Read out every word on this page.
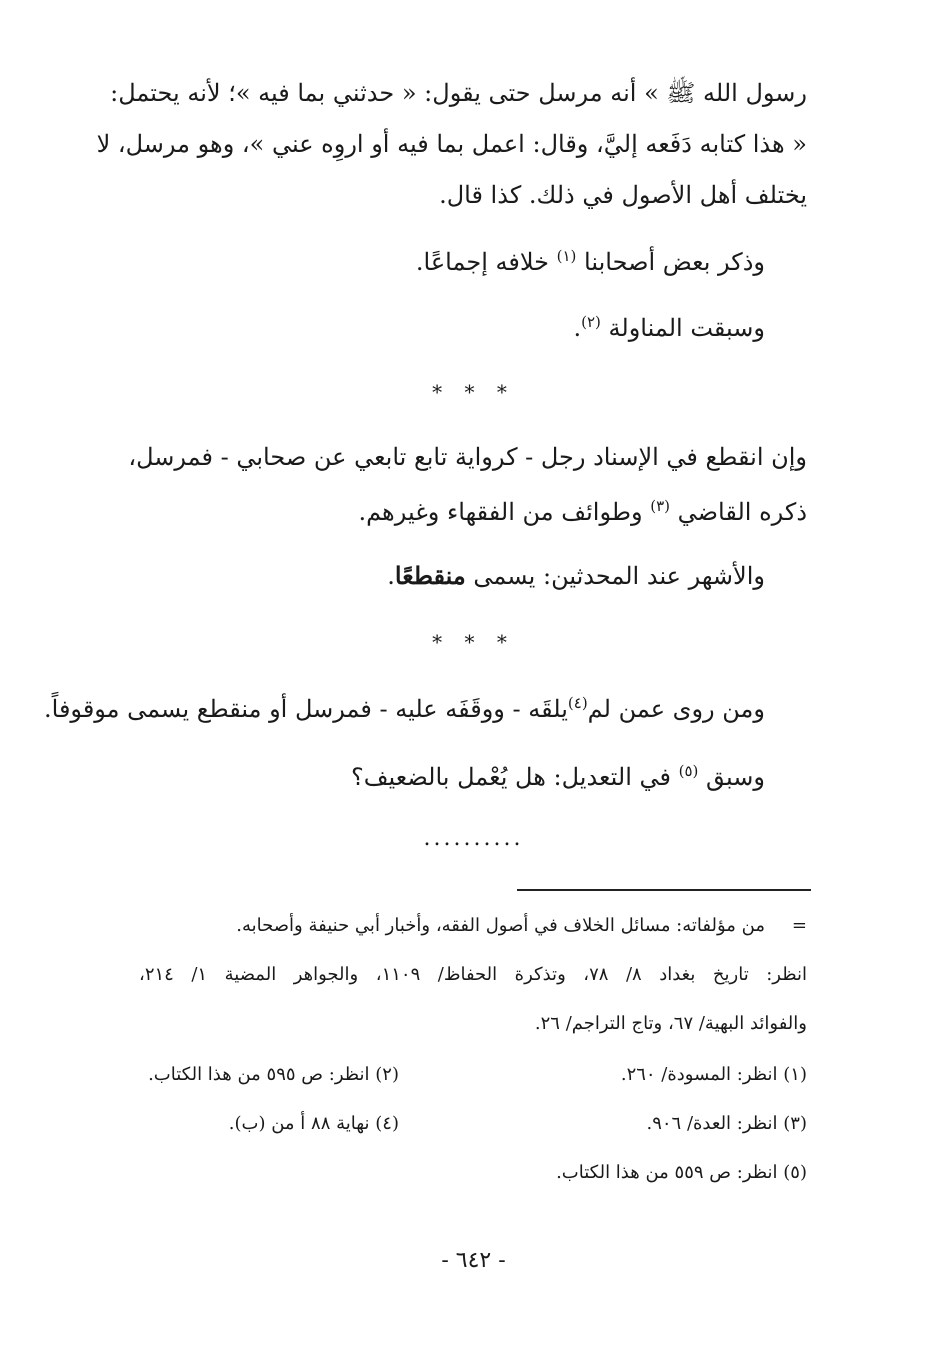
رسول الله ﷺ » أنه مرسل حتى يقول: « حدثني بما فيه »؛ لأنه يحتمل:
« هذا كتابه دَفَعه إليَّ، وقال: اعمل بما فيه أو اروِه عني »، وهو مرسل، لا
يختلف أهل الأصول في ذلك. كذا قال.
وذكر بعض أصحابنا $^{(١)}$ خلافه إجماعًا.
وسبقت المناولة $^{(٢)}$.
* * *
وإن انقطع في الإسناد رجل - كرواية تابع تابعي عن صحابي - فمرسل،
ذكره القاضي $^{(٣)}$ وطوائف من الفقهاء وغيرهم.
والأشهر عند المحدثين: يسمى منقطعًا.
* * *
ومن روى عمن لم$^{(٤)}$يلقَه - ووقَفَه عليه - فمرسل أو منقطع يسمى موقوفاً.
وسبق $^{(٥)}$ في التعديل: هل يُعْمل بالضعيف؟
..........
=
من مؤلفاته: مسائل الخلاف في أصول الفقه، وأخبار أبي حنيفة وأصحابه.
انظر: تاريخ بغداد ٨/ ٧٨، وتذكرة الحفاظ/ ١١٠٩، والجواهر المضية ١/ ٢١٤،
والفوائد البهية/ ٦٧، وتاج التراجم/ ٢٦.
(١) انظر: المسودة/ ٢٦٠.
(٢) انظر: ص ٥٩٥ من هذا الكتاب.
(٣) انظر: العدة/ ٩٠٦.
(٤) نهاية ٨٨ أ من (ب).
(٥) انظر: ص ٥٥٩ من هذا الكتاب.
- ٦٤٢ -
